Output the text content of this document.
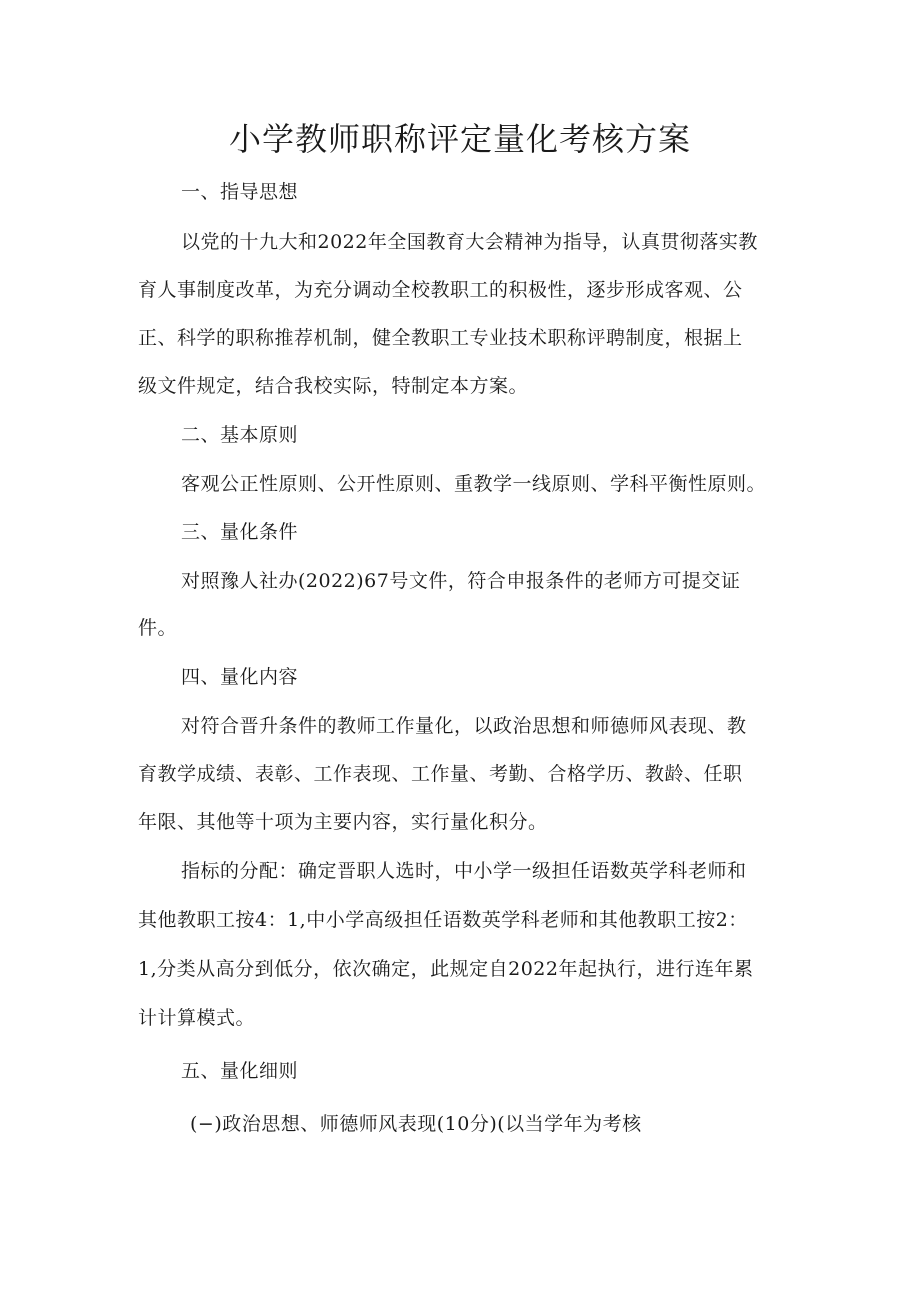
小学教师职称评定量化考核方案
一、指导思想
以党的十九大和2022年全国教育大会精神为指导，认真贯彻落实教
育人事制度改革，为充分调动全校教职工的积极性，逐步形成客观、公
正、科学的职称推荐机制，健全教职工专业技术职称评聘制度，根据上
级文件规定，结合我校实际，特制定本方案。
二、基本原则
客观公正性原则、公开性原则、重教学一线原则、学科平衡性原则。
三、量化条件
对照豫人社办(2022)67号文件，符合申报条件的老师方可提交证
件。
四、量化内容
对符合晋升条件的教师工作量化，以政治思想和师德师风表现、教
育教学成绩、表彰、工作表现、工作量、考勤、合格学历、教龄、任职
年限、其他等十项为主要内容，实行量化积分。
指标的分配：确定晋职人选时，中小学一级担任语数英学科老师和
其他教职工按4：1,中小学高级担任语数英学科老师和其他教职工按2：
1,分类从高分到低分，依次确定，此规定自2022年起执行，进行连年累
计计算模式。
五、量化细则
(−)政治思想、师德师风表现(10分)(以当学年为考核
